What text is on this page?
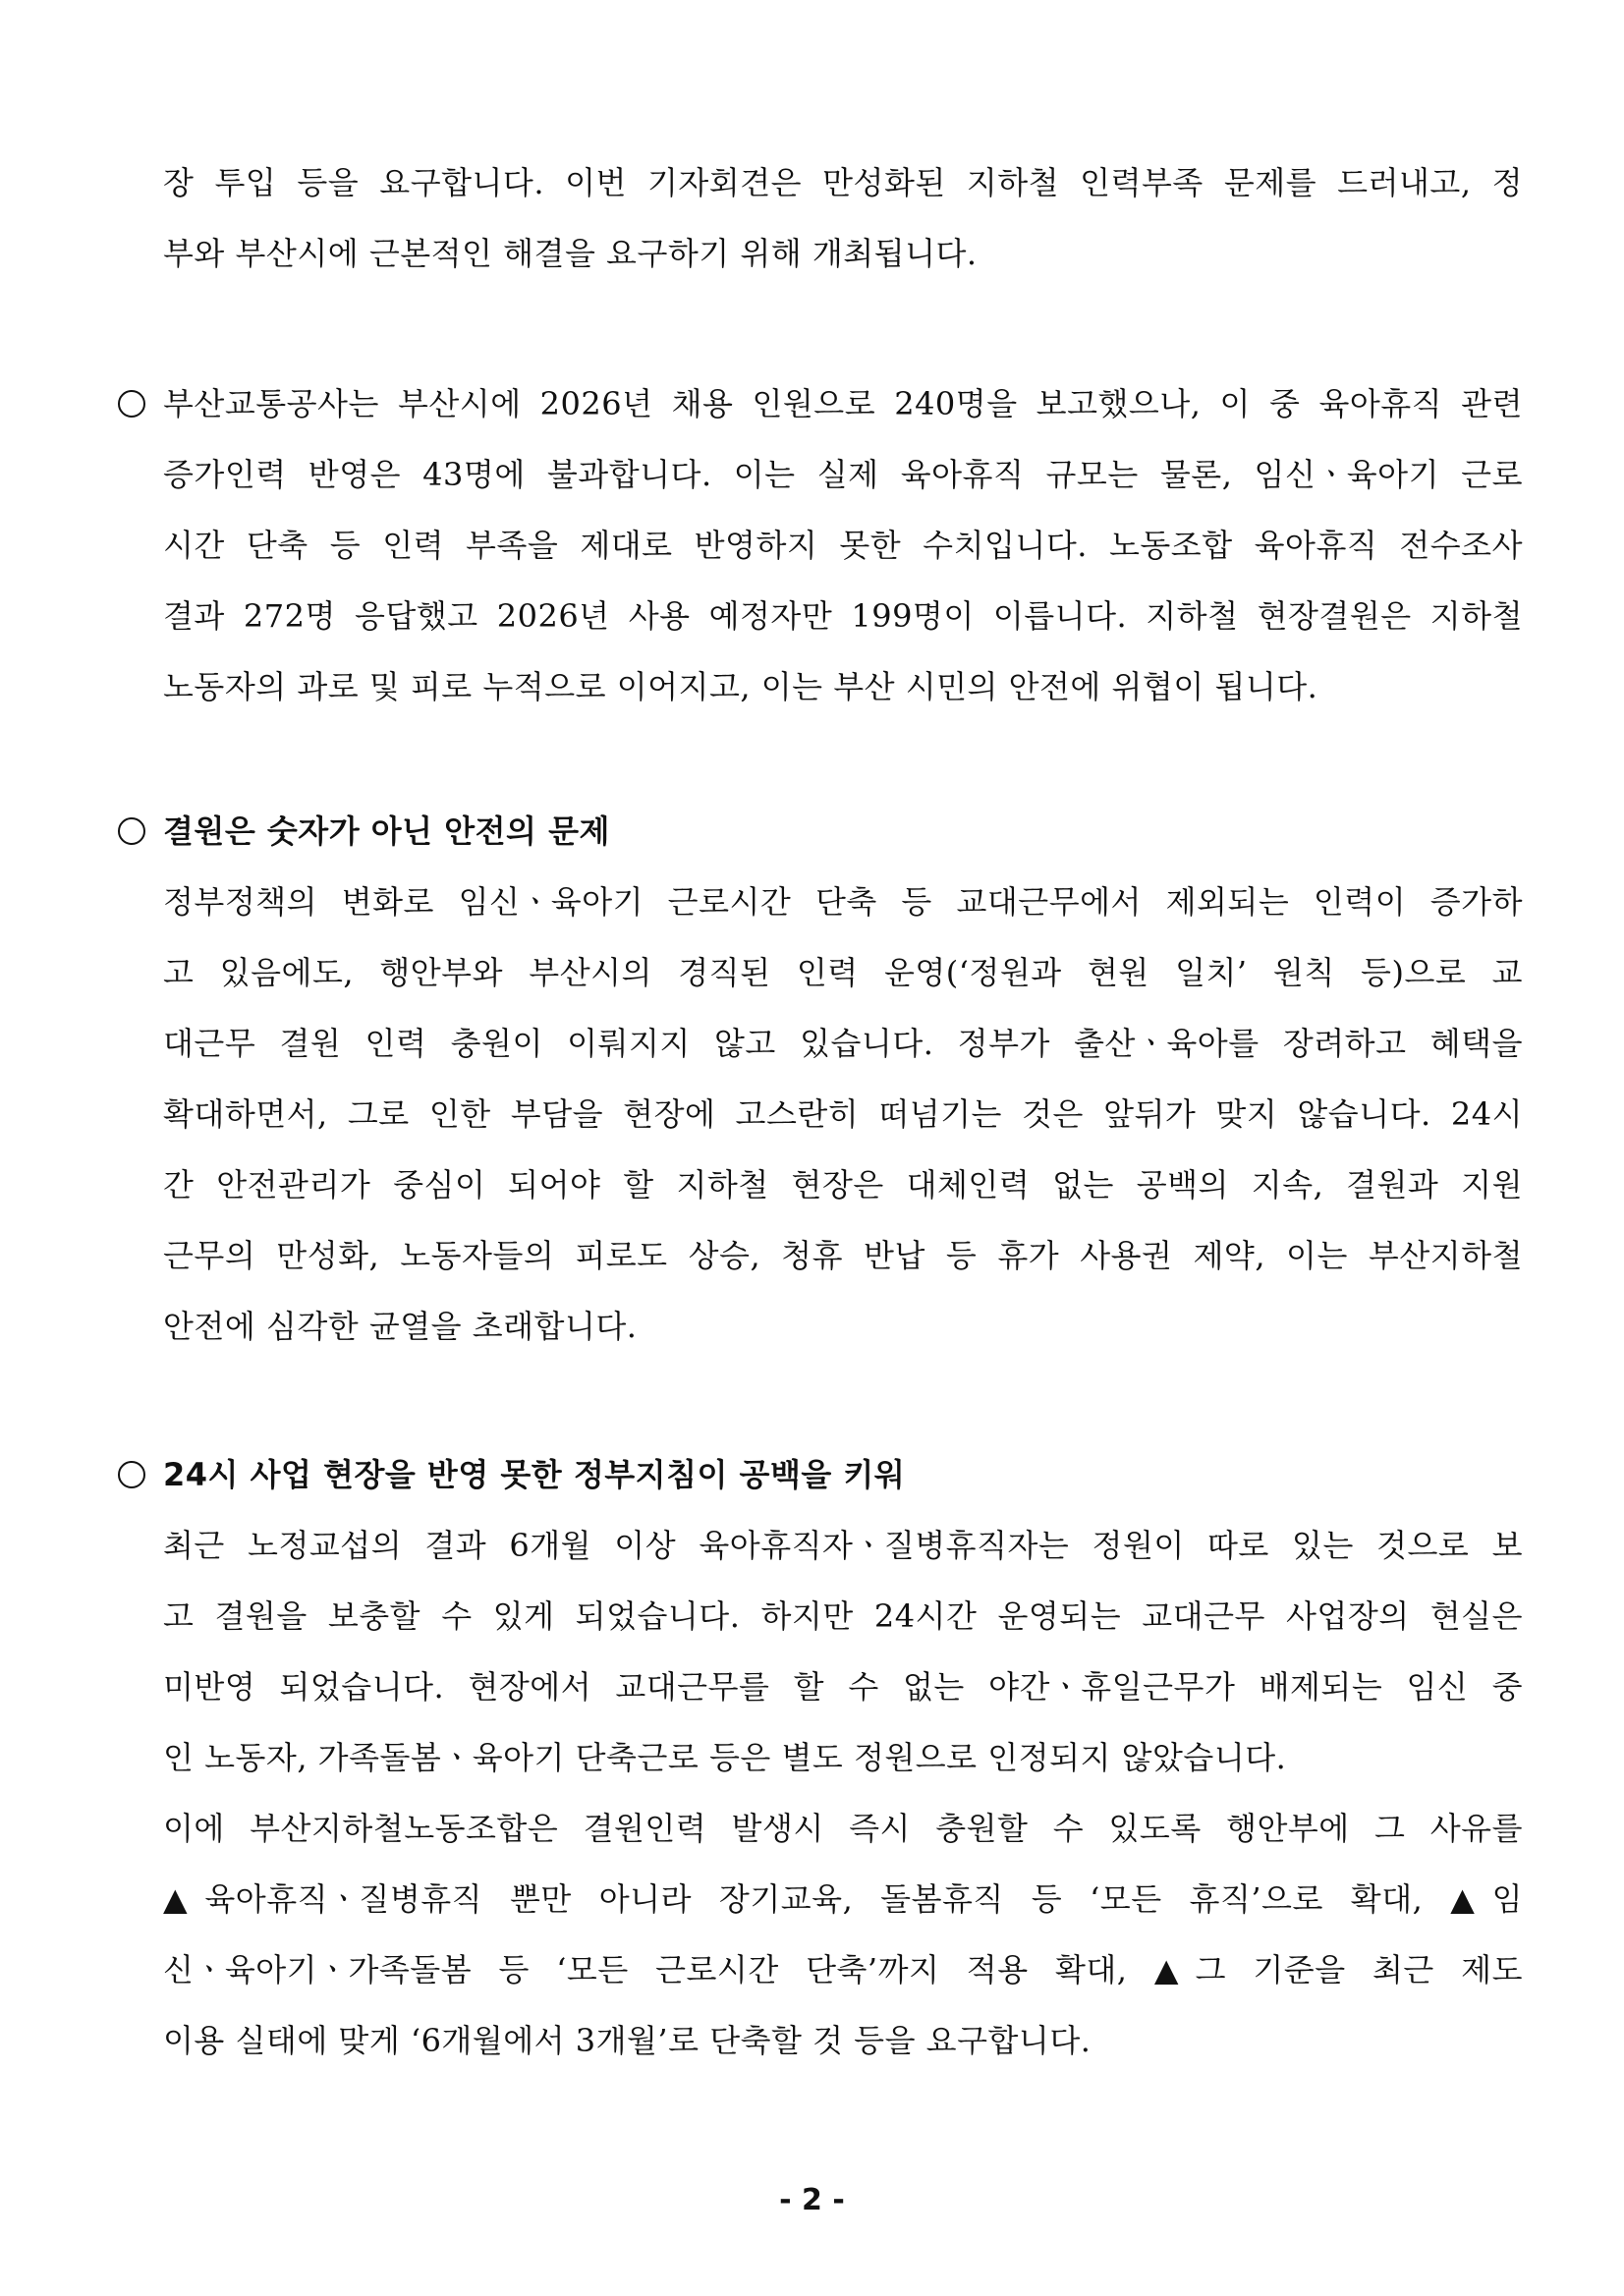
장 투입 등을 요구합니다. 이번 기자회견은 만성화된 지하철 인력부족 문제를 드러내고, 정
부와 부산시에 근본적인 해결을 요구하기 위해 개최됩니다.
부산교통공사는 부산시에 2026년 채용 인원으로 240명을 보고했으나, 이 중 육아휴직 관련
증가인력 반영은 43명에 불과합니다. 이는 실제 육아휴직 규모는 물론, 임신ㆍ육아기 근로
시간 단축 등 인력 부족을 제대로 반영하지 못한 수치입니다. 노동조합 육아휴직 전수조사
결과 272명 응답했고 2026년 사용 예정자만 199명이 이릅니다. 지하철 현장결원은 지하철
노동자의 과로 및 피로 누적으로 이어지고, 이는 부산 시민의 안전에 위협이 됩니다.
결원은 숫자가 아닌 안전의 문제
정부정책의 변화로 임신ㆍ육아기 근로시간 단축 등 교대근무에서 제외되는 인력이 증가하
고 있음에도, 행안부와 부산시의 경직된 인력 운영(‘정원과 현원 일치’ 원칙 등)으로 교
대근무 결원 인력 충원이 이뤄지지 않고 있습니다. 정부가 출산ㆍ육아를 장려하고 혜택을
확대하면서, 그로 인한 부담을 현장에 고스란히 떠넘기는 것은 앞뒤가 맞지 않습니다. 24시
간 안전관리가 중심이 되어야 할 지하철 현장은 대체인력 없는 공백의 지속, 결원과 지원
근무의 만성화, 노동자들의 피로도 상승, 청휴 반납 등 휴가 사용권 제약, 이는 부산지하철
안전에 심각한 균열을 초래합니다.
24시 사업 현장을 반영 못한 정부지침이 공백을 키워
최근 노정교섭의 결과 6개월 이상 육아휴직자ㆍ질병휴직자는 정원이 따로 있는 것으로 보
고 결원을 보충할 수 있게 되었습니다. 하지만 24시간 운영되는 교대근무 사업장의 현실은
미반영 되었습니다. 현장에서 교대근무를 할 수 없는 야간ㆍ휴일근무가 배제되는 임신 중
인 노동자, 가족돌봄ㆍ육아기 단축근로 등은 별도 정원으로 인정되지 않았습니다.
이에 부산지하철노동조합은 결원인력 발생시 즉시 충원할 수 있도록 행안부에 그 사유를
▲육아휴직ㆍ질병휴직 뿐만 아니라 장기교육, 돌봄휴직 등 ‘모든 휴직’으로 확대, ▲임
신ㆍ육아기ㆍ가족돌봄 등 ‘모든 근로시간 단축’까지 적용 확대, ▲그 기준을 최근 제도
이용 실태에 맞게 ‘6개월에서 3개월’로 단축할 것 등을 요구합니다.
- 2 -
